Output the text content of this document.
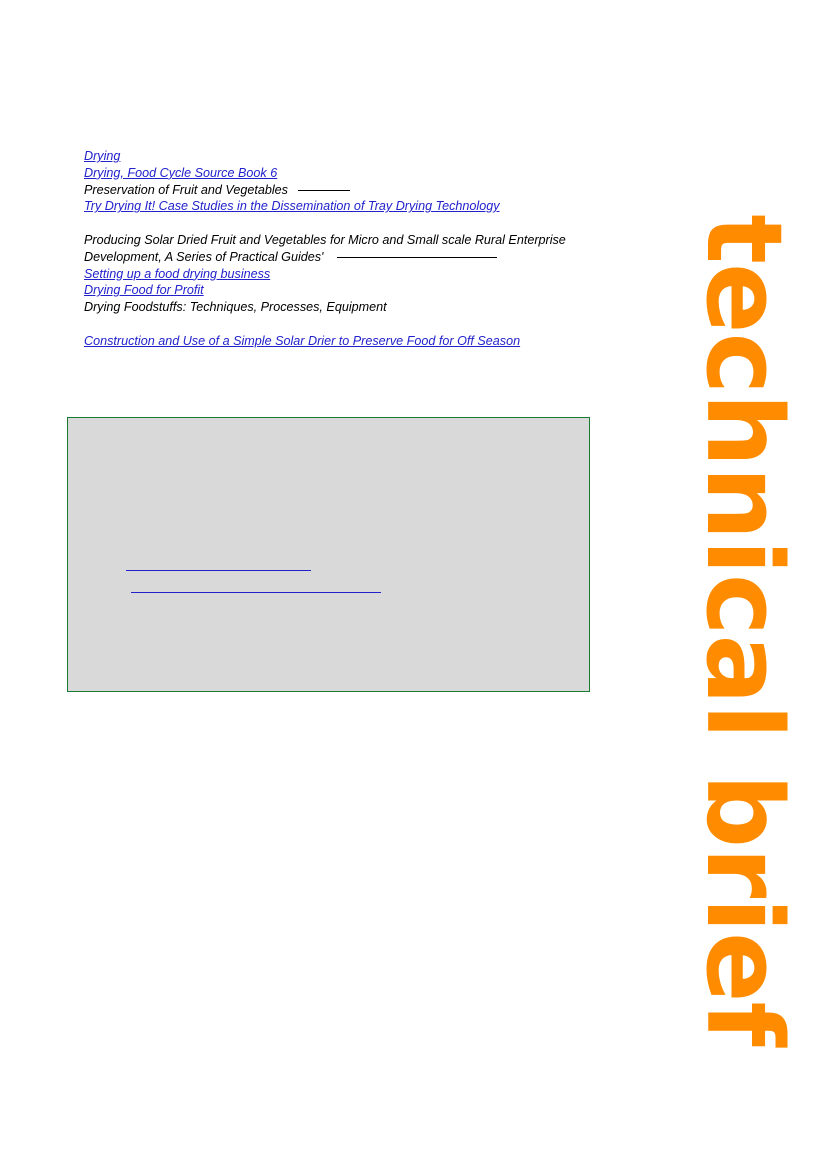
Drying
Drying, Food Cycle Source Book 6
Preservation of Fruit and Vegetables
Try Drying It! Case Studies in the Dissemination of Tray Drying Technology
Producing Solar Dried Fruit and Vegetables for Micro and Small scale Rural Enterprise
Development, A Series of Practical Guides'
Setting up a food drying business
Drying Food for Profit
Drying Foodstuffs: Techniques, Processes, Equipment
Construction and Use of a Simple Solar Drier to Preserve Food for Off Season	technical brief
